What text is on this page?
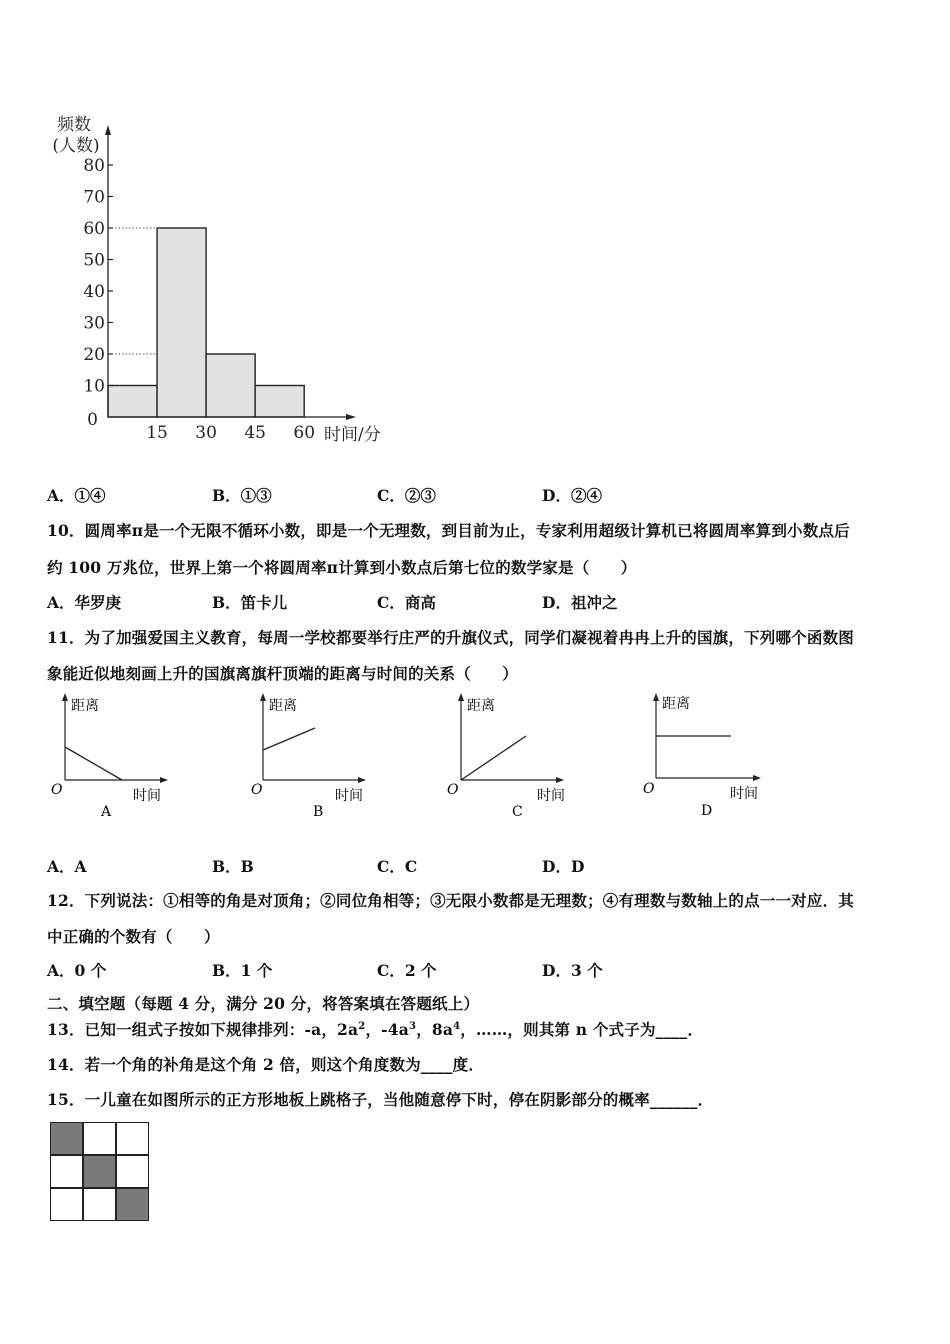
10
20
30
40
50
60
70
80
15 30 45 60
0
频数
(人数)
时间/分
A．①④	B．①③	C．②③	D．②④
10．圆周率π是一个无限不循环小数，即是一个无理数，到目前为止，专家利用超级计算机已将圆周率算到小数点后
约 100 万兆位，世界上第一个将圆周率π计算到小数点后第七位的数学家是（　　）
A．华罗庚	B．笛卡儿	C．商高	D．祖冲之
11．为了加强爱国主义教育，每周一学校都要举行庄严的升旗仪式，同学们凝视着冉冉上升的国旗，下列哪个函数图
象能近似地刻画上升的国旗离旗杆顶端的距离与时间的关系（　　）
距离
O	时间
A
距离
O	时间
B
距离
O	时间
C
距离
O	时间
D
A．A	B．B	C．C	D．D
12．下列说法：①相等的角是对顶角；②同位角相等；③无限小数都是无理数；④有理数与数轴上的点一一对应．其
中正确的个数有（　　）
A．0 个	B．1 个	C．2 个	D．3 个
二、填空题（每题 4 分，满分 20 分，将答案填在答题纸上）
13．已知一组式子按如下规律排列：-a，$2a^2$，$-4a^3$，$8a^4$，……，则其第 n 个式子为____．
14．若一个角的补角是这个角 2 倍，则这个角度数为____度．
15．一儿童在如图所示的正方形地板上跳格子，当他随意停下时，停在阴影部分的概率______．
